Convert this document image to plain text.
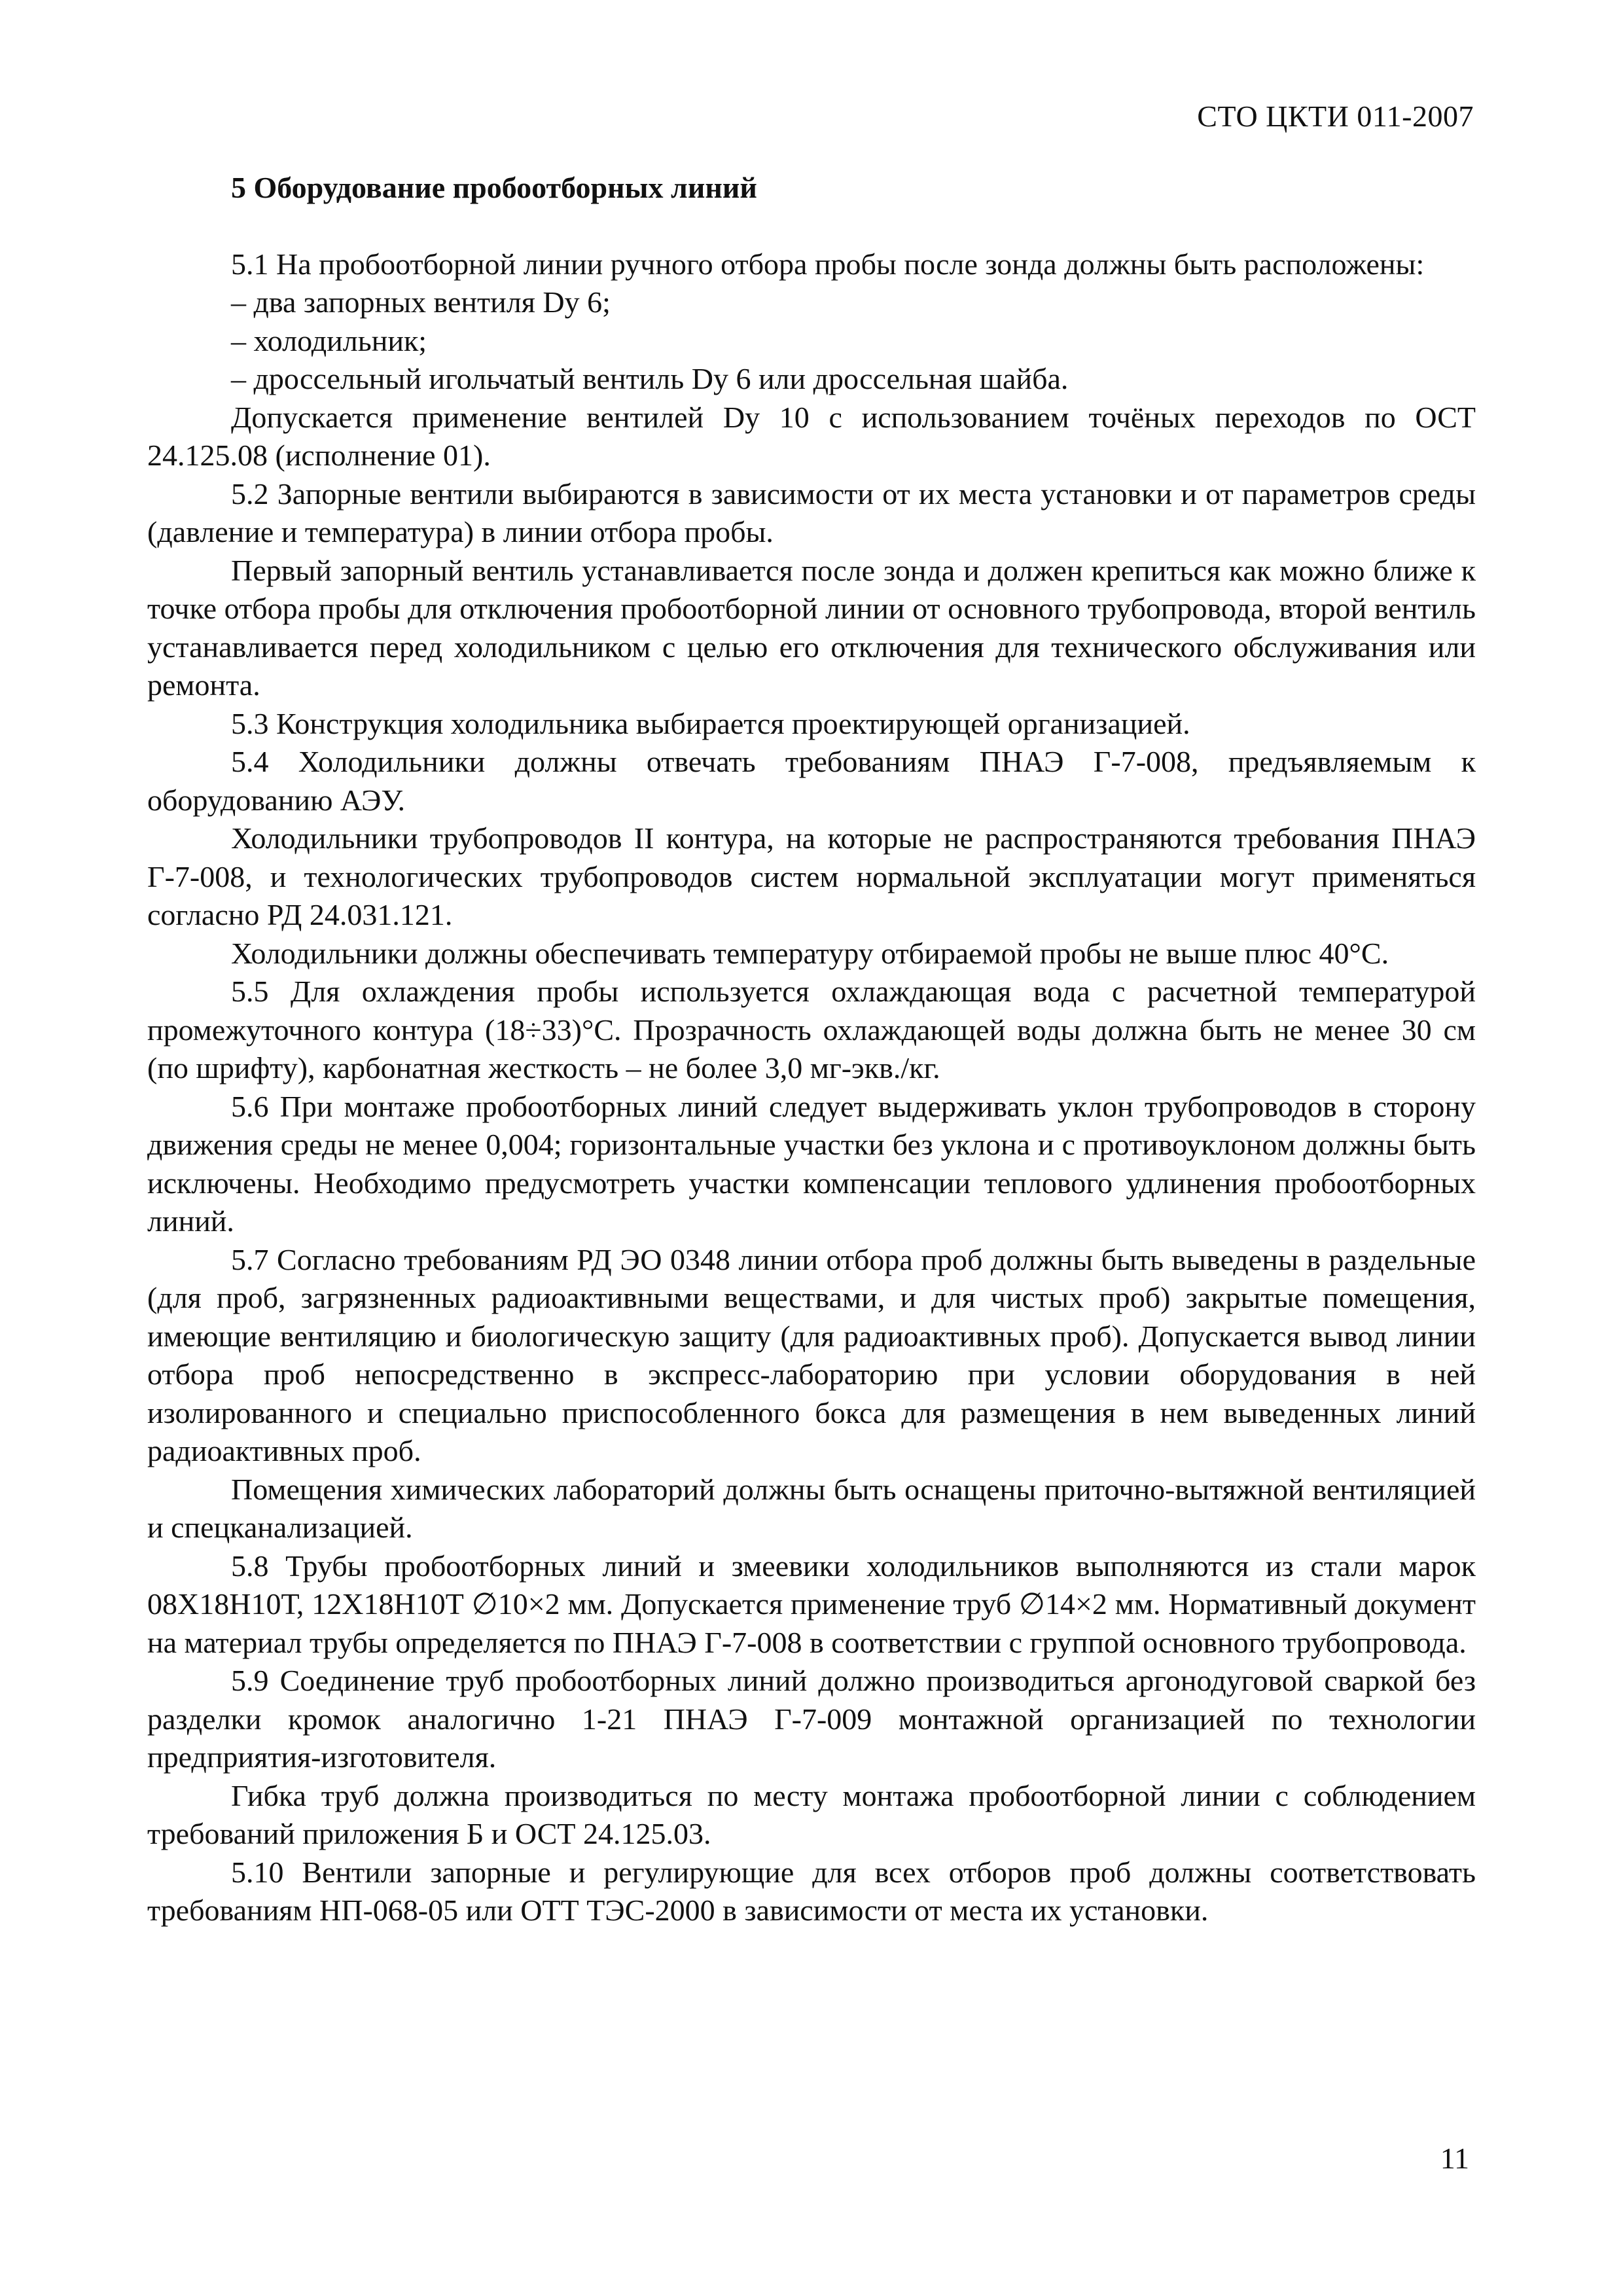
СТО ЦКТИ 011-2007

5 Оборудование пробоотборных линий

5.1 На пробоотборной линии ручного отбора пробы после зонда должны быть расположены:

– два запорных вентиля Dy 6;

– холодильник;

– дроссельный игольчатый вентиль Dy 6 или дроссельная шайба.

Допускается применение вентилей Dy 10 с использованием точёных переходов по ОСТ 24.125.08 (исполнение 01).

5.2 Запорные вентили выбираются в зависимости от их места установки и от параметров среды (давление и температура) в линии отбора пробы.

Первый запорный вентиль устанавливается после зонда и должен крепиться как можно ближе к точке отбора пробы для отключения пробоотборной линии от основного трубопровода, второй вентиль устанавливается перед холодильником с целью его отключения для технического обслуживания или ремонта.

5.3 Конструкция холодильника выбирается проектирующей организацией.

5.4 Холодильники должны отвечать требованиям ПНАЭ Г-7-008, предъявляемым к оборудованию АЭУ.

Холодильники трубопроводов II контура, на которые не распространяются требования ПНАЭ Г-7-008, и технологических трубопроводов систем нормальной эксплуатации могут применяться согласно РД 24.031.121.

Холодильники должны обеспечивать температуру отбираемой пробы не выше плюс 40°С.

5.5 Для охлаждения пробы используется охлаждающая вода с расчетной температурой промежуточного контура (18÷33)°С. Прозрачность охлаждающей воды должна быть не менее 30 см (по шрифту), карбонатная жесткость – не более 3,0 мг-экв./кг.

5.6 При монтаже пробоотборных линий следует выдерживать уклон трубопроводов в сторону движения среды не менее 0,004; горизонтальные участки без уклона и с противоуклоном должны быть исключены. Необходимо предусмотреть участки компенсации теплового удлинения пробоотборных линий.

5.7 Согласно требованиям РД ЭО 0348 линии отбора проб должны быть выведены в раздельные (для проб, загрязненных радиоактивными веществами, и для чистых проб) закрытые помещения, имеющие вентиляцию и биологическую защиту (для радиоактивных проб). Допускается вывод линии отбора проб непосредственно в экспресс-лабораторию при условии оборудования в ней изолированного и специально приспособленного бокса для размещения в нем выведенных линий радиоактивных проб.

Помещения химических лабораторий должны быть оснащены приточно-вытяжной вентиляцией и спецканализацией.

5.8 Трубы пробоотборных линий и змеевики холодильников выполняются из стали марок 08Х18Н10Т, 12Х18Н10Т ∅10×2 мм. Допускается применение труб ∅14×2 мм. Нормативный документ на материал трубы определяется по ПНАЭ Г-7-008 в соответствии с группой основного трубопровода.

5.9 Соединение труб пробоотборных линий должно производиться аргонодуговой сваркой без разделки кромок аналогично 1-21 ПНАЭ Г-7-009 монтажной организацией по технологии предприятия-изготовителя.

Гибка труб должна производиться по месту монтажа пробоотборной линии с соблюдением требований приложения Б и ОСТ 24.125.03.

5.10 Вентили запорные и регулирующие для всех отборов проб должны соответствовать требованиям НП-068-05 или ОТТ ТЭС-2000 в зависимости от места их установки.

11
